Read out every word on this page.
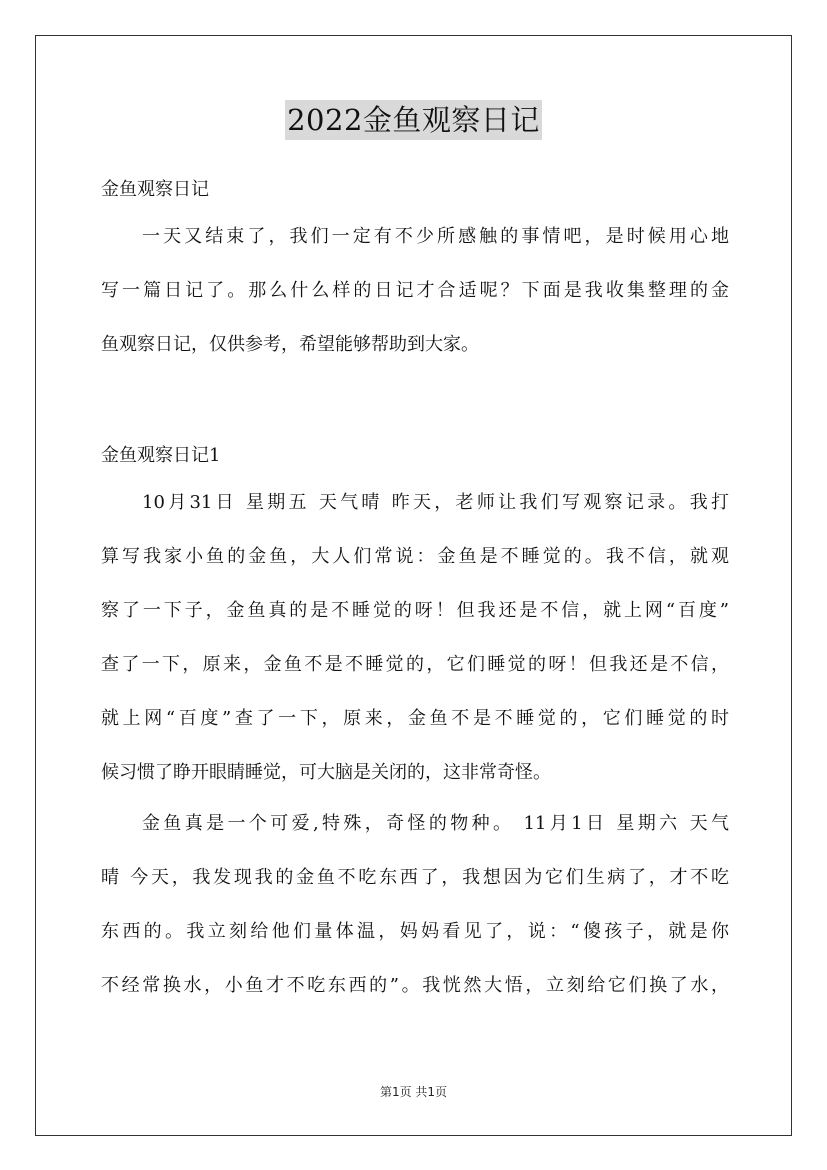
2022金鱼观察日记
金鱼观察日记
一天又结束了，我们一定有不少所感触的事情吧，是时候用心地
写一篇日记了。那么什么样的日记才合适呢？下面是我收集整理的金
鱼观察日记，仅供参考，希望能够帮助到大家。
金鱼观察日记1
10月31日 星期五 天气晴 昨天，老师让我们写观察记录。我打
算写我家小鱼的金鱼，大人们常说：金鱼是不睡觉的。我不信，就观
察了一下子，金鱼真的是不睡觉的呀！但我还是不信，就上网“百度”
查了一下，原来，金鱼不是不睡觉的，它们睡觉的呀！但我还是不信，
就上网“百度”查了一下，原来，金鱼不是不睡觉的，它们睡觉的时
候习惯了睁开眼睛睡觉，可大脑是关闭的，这非常奇怪。
金鱼真是一个可爱,特殊，奇怪的物种。 11月1日 星期六 天气
晴 今天，我发现我的金鱼不吃东西了，我想因为它们生病了，才不吃
东西的。我立刻给他们量体温，妈妈看见了，说：“傻孩子，就是你
不经常换水，小鱼才不吃东西的”。我恍然大悟，立刻给它们换了水，
第1页 共1页
